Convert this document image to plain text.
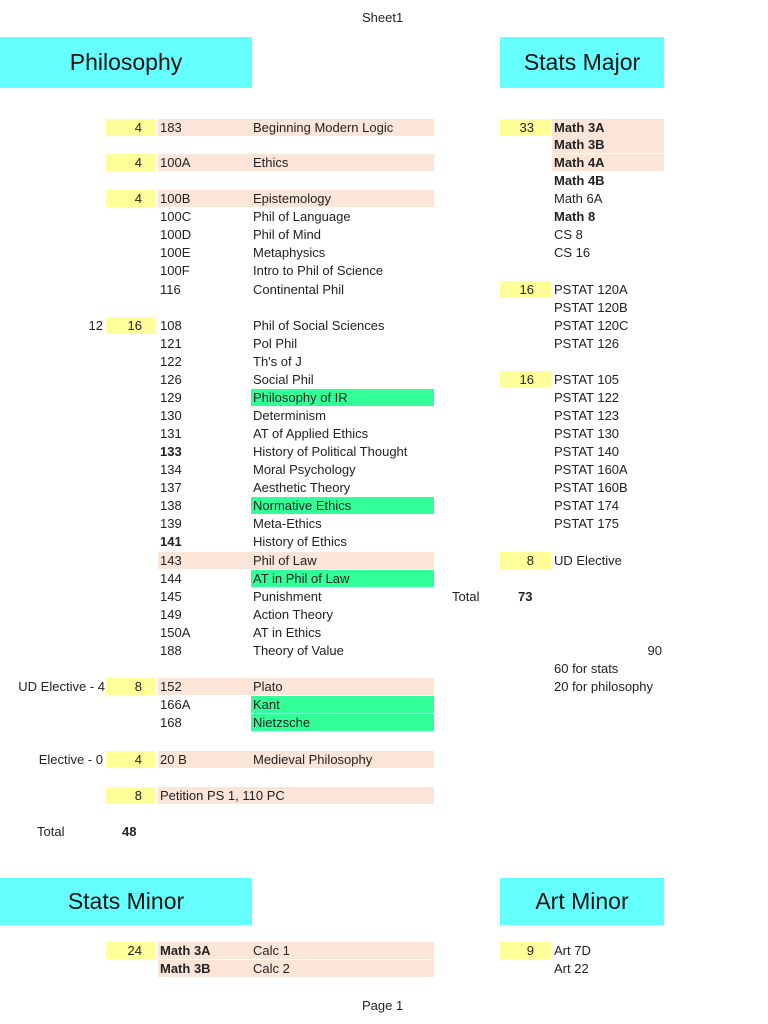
Sheet1
Page 1
Philosophy	Stats Major
Stats Minor	Art Minor
4	183	Beginning Modern Logic
4	100A	Ethics
4	100B	Epistemology
100C	Phil of Language
100D	Phil of Mind
100E	Metaphysics
100F	Intro to Phil of Science
116	Continental Phil
12	16	108	Phil of Social Sciences
121	Pol Phil
122	Th's of J
126	Social Phil
129	Philosophy of IR
130	Determinism
131	AT of Applied Ethics
133	History of Political Thought
134	Moral Psychology
137	Aesthetic Theory
138	Normative Ethics
139	Meta-Ethics
141	History of Ethics
143	Phil of Law
144	AT in Phil of Law
145	Punishment
149	Action Theory
150A	AT in Ethics
188	Theory of Value
UD Elective - 4	8	152	Plato
166A	Kant
168	Nietzsche
Elective - 0	4	20 B	Medieval Philosophy
8	Petition PS 1, 110 PC
Total	48
33	Math 3A
Math 3B
Math 4A
Math 4B
Math 6A
Math 8
CS 8
CS 16
16	PSTAT 120A
PSTAT 120B
PSTAT 120C
PSTAT 126
16	PSTAT 105
PSTAT 122
PSTAT 123
PSTAT 130
PSTAT 140
PSTAT 160A
PSTAT 160B
PSTAT 174
PSTAT 175
8	UD Elective
Total	73
90
60 for stats
20 for philosophy
24	Math 3A	Calc 1
Math 3B	Calc 2
9	Art 7D
Art 22
